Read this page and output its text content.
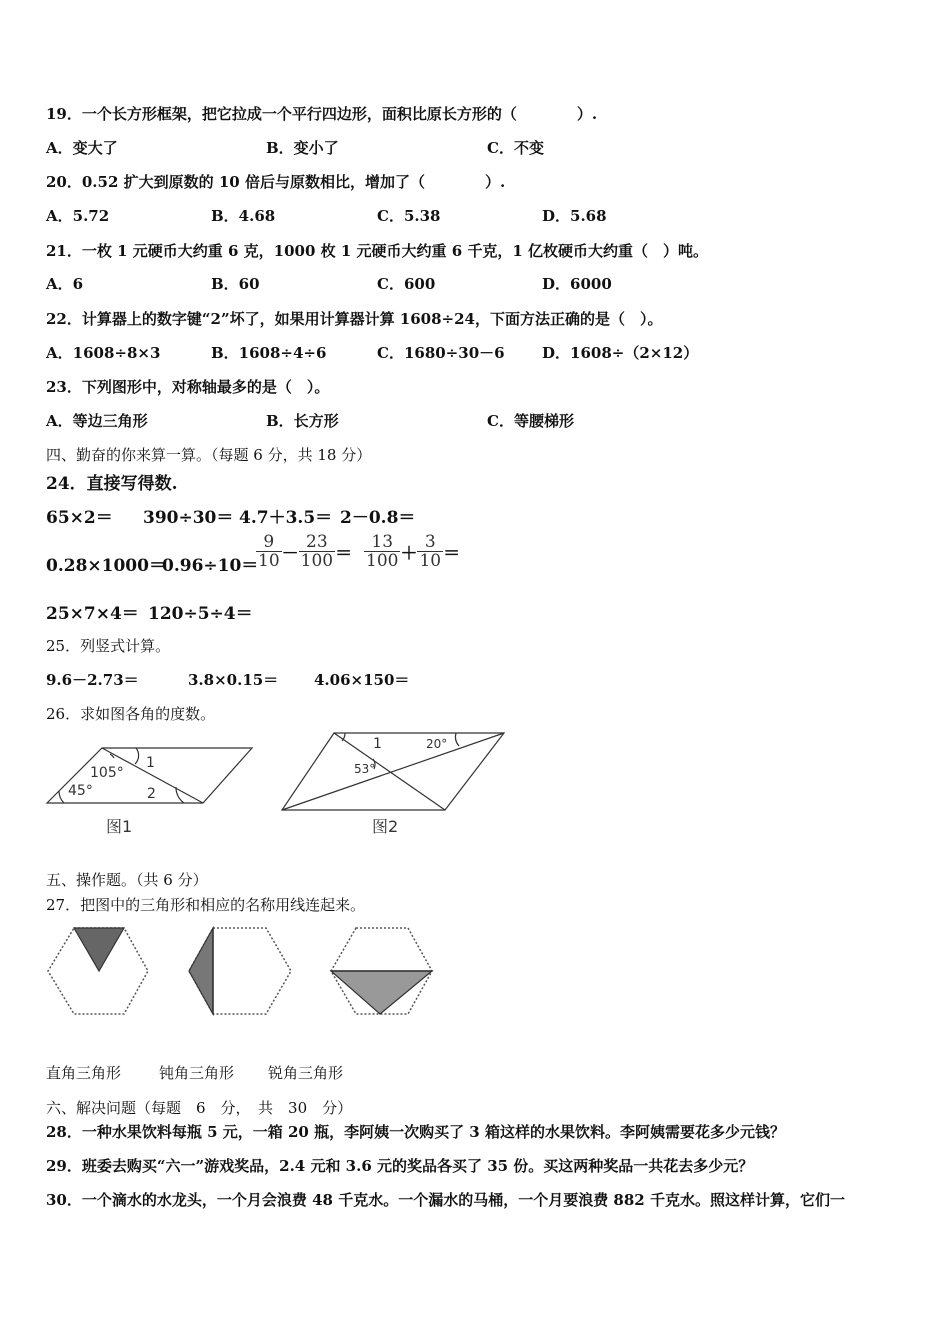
19．一个长方形框架，把它拉成一个平行四边形，面积比原长方形的（　　　　）.
A．变大了	B．变小了	C．不变
20．0.52 扩大到原数的 10 倍后与原数相比，增加了（　　　　）.
A．5.72	B．4.68	C．5.38	D．5.68
21．一枚 1 元硬币大约重 6 克，1000 枚 1 元硬币大约重 6 千克，1 亿枚硬币大约重（　）吨。
A．6	B．60	C．600	D．6000
22．计算器上的数字键“2”坏了，如果用计算器计算 1608÷24，下面方法正确的是（　）。
A．1608÷8×3	B．1608÷4÷6	C．1680÷30－6 D．1608÷（2×12）
23．下列图形中，对称轴最多的是（　）。
A．等边三角形	B．长方形	C．等腰梯形
四、勤奋的你来算一算。（每题 6 分，共 18 分）
24．直接写得数.
65×2＝ 390÷30＝ 4.7＋3.5＝ 2－0.8＝
0.28×1000＝
0.96÷10＝
$\frac{9}{10} - \frac{23}{100} = \frac{13}{100} + \frac{3}{10}$ ＝
25×7×4＝ 120÷5÷4＝
25．列竖式计算。
9.6－2.73＝	3.8×0.15＝ 4.06×150＝
26．求如图各角的度数。
105°
45°
1
2
图1
1	20°
53°
图2
五、操作题。（共 6 分）
27．把图中的三角形和相应的名称用线连起来。
直角三角形	钝角三角形 锐角三角形
六、解决问题（每题　6　分，　共　30　分）
28．一种水果饮料每瓶 5 元，一箱 20 瓶，李阿姨一次购买了 3 箱这样的水果饮料。李阿姨需要花多少元钱？
29．班委去购买“六一”游戏奖品，2.4 元和 3.6 元的奖品各买了 35 份。买这两种奖品一共花去多少元？
30．一个滴水的水龙头，一个月会浪费 48 千克水。一个漏水的马桶，一个月要浪费 882 千克水。照这样计算，它们一
